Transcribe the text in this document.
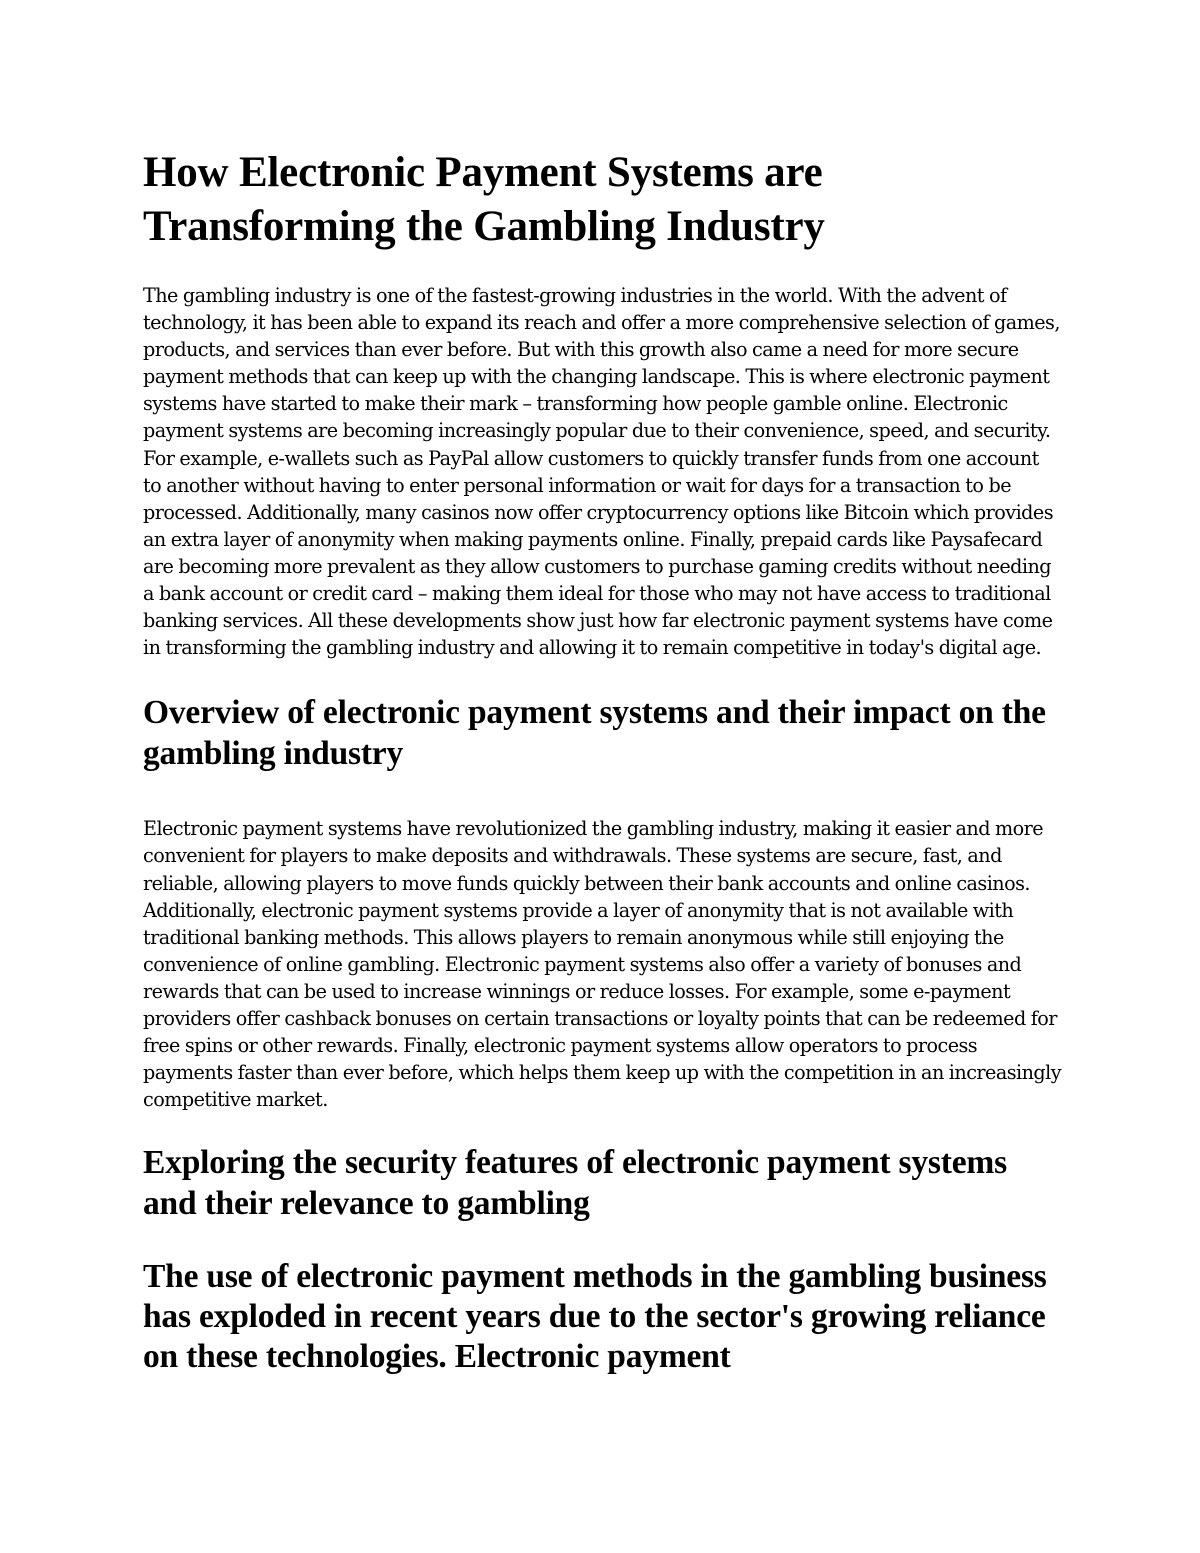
How Electronic Payment Systems are Transforming the Gambling Industry

The gambling industry is one of the fastest-growing industries in the world. With the advent of technology, it has been able to expand its reach and offer a more comprehensive selection of games, products, and services than ever before. But with this growth also came a need for more secure payment methods that can keep up with the changing landscape. This is where electronic payment systems have started to make their mark – transforming how people gamble online. Electronic payment systems are becoming increasingly popular due to their convenience, speed, and security. For example, e-wallets such as PayPal allow customers to quickly transfer funds from one account to another without having to enter personal information or wait for days for a transaction to be processed. Additionally, many casinos now offer cryptocurrency options like Bitcoin which provides an extra layer of anonymity when making payments online. Finally, prepaid cards like Paysafecard are becoming more prevalent as they allow customers to purchase gaming credits without needing a bank account or credit card – making them ideal for those who may not have access to traditional banking services. All these developments show just how far electronic payment systems have come in transforming the gambling industry and allowing it to remain competitive in today's digital age.

Overview of electronic payment systems and their impact on the gambling industry

Electronic payment systems have revolutionized the gambling industry, making it easier and more convenient for players to make deposits and withdrawals. These systems are secure, fast, and reliable, allowing players to move funds quickly between their bank accounts and online casinos. Additionally, electronic payment systems provide a layer of anonymity that is not available with traditional banking methods. This allows players to remain anonymous while still enjoying the convenience of online gambling. Electronic payment systems also offer a variety of bonuses and rewards that can be used to increase winnings or reduce losses. For example, some e-payment providers offer cashback bonuses on certain transactions or loyalty points that can be redeemed for free spins or other rewards. Finally, electronic payment systems allow operators to process payments faster than ever before, which helps them keep up with the competition in an increasingly competitive market.

Exploring the security features of electronic payment systems and their relevance to gambling
The use of electronic payment methods in the gambling business has exploded in recent years due to the sector's growing reliance on these technologies. Electronic payment
